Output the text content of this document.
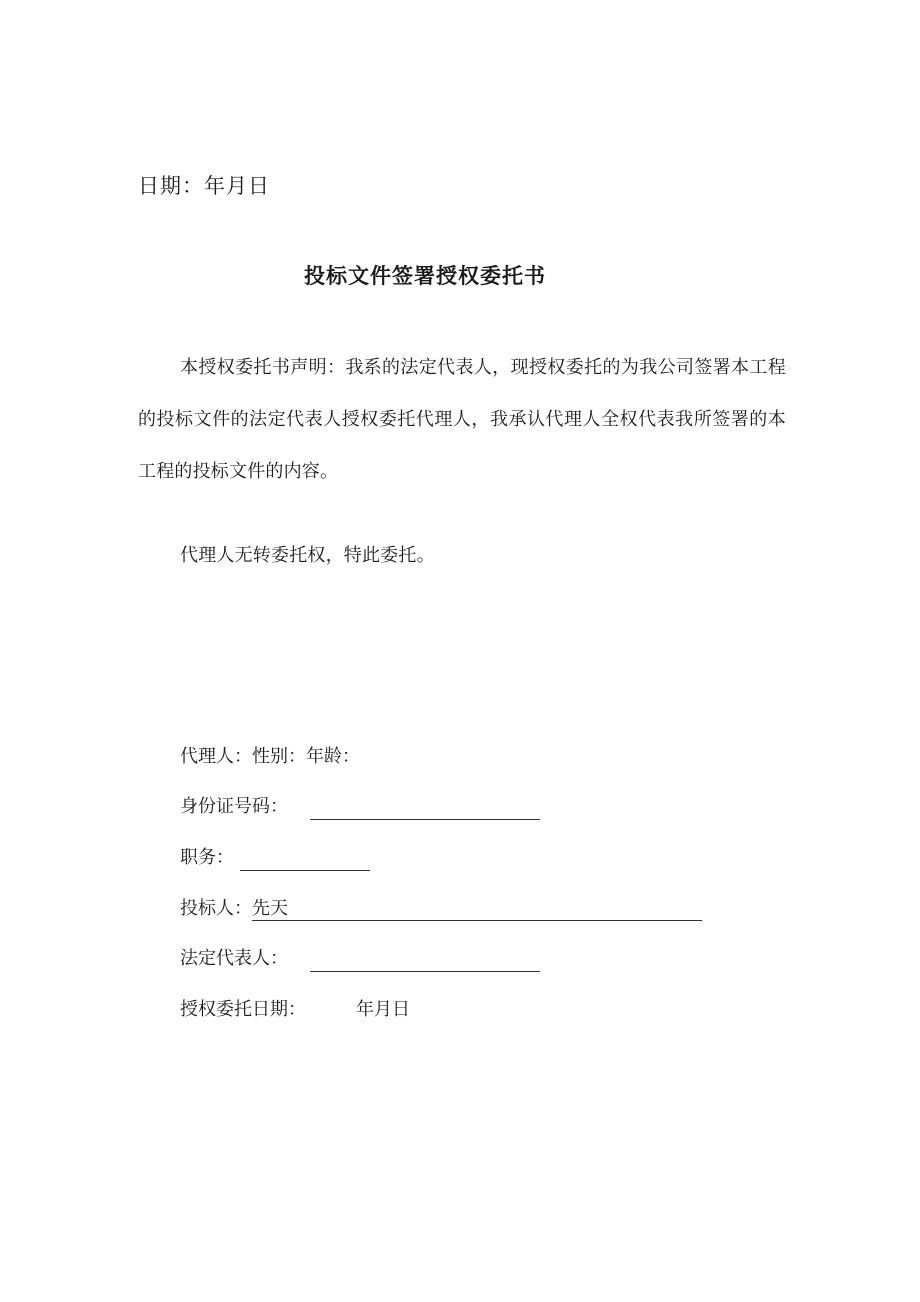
日期：年月日
投标文件签署授权委托书
本授权委托书声明：我系的法定代表人，现授权委托的为我公司签署本工程的投标文件的法定代表人授权委托代理人，我承认代理人全权代表我所签署的本工程的投标文件的内容。
代理人无转委托权，特此委托。
代理人：性别：年龄：
身份证号码：
职务：
投标人：先天
法定代表人：
授权委托日期：	年月日
